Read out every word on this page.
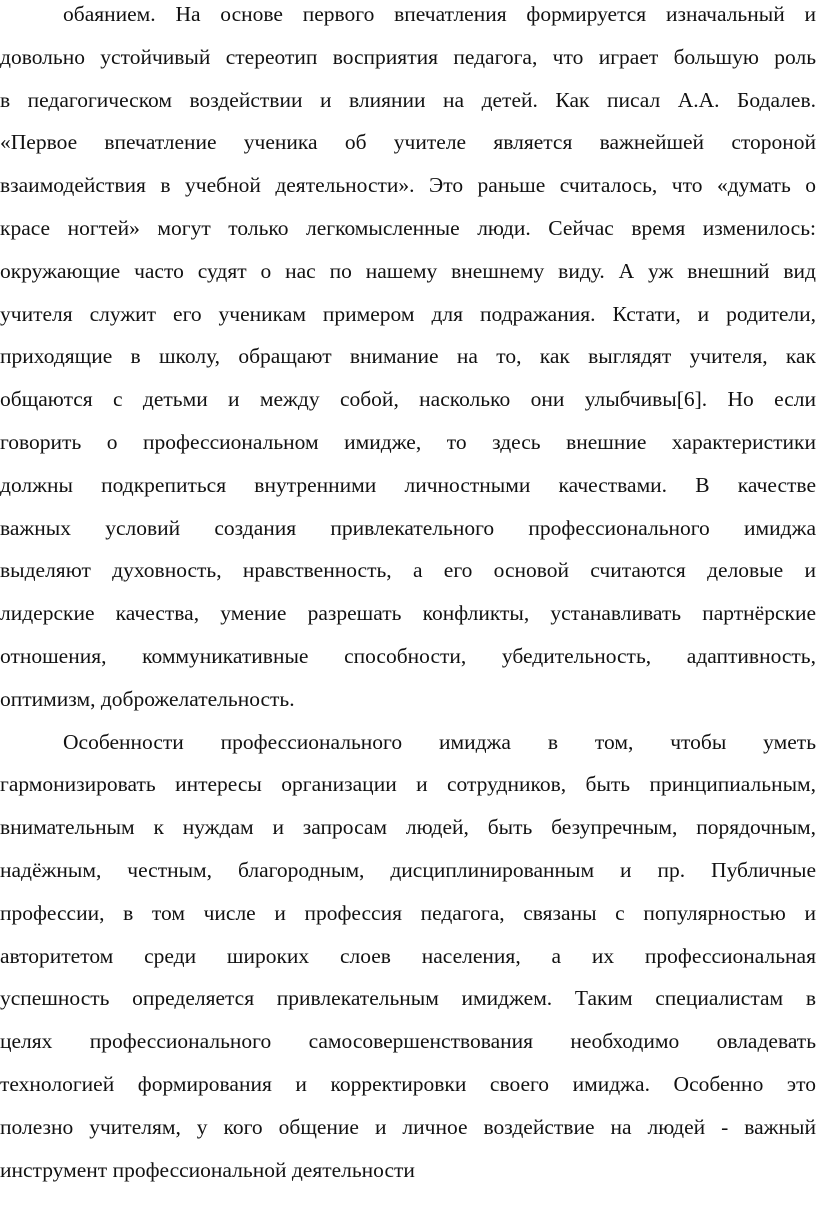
обаянием. На основе первого впечатления формируется изначальный и
довольно устойчивый стереотип восприятия педагога, что играет большую роль
в педагогическом воздействии и влиянии на детей. Как писал А.А. Бодалев.
«Первое впечатление ученика об учителе является важнейшей стороной
взаимодействия в учебной деятельности». Это раньше считалось, что «думать о
красе ногтей» могут только легкомысленные люди. Сейчас время изменилось:
окружающие часто судят о нас по нашему внешнему виду. А уж внешний вид
учителя служит его ученикам примером для подражания. Кстати, и родители,
приходящие в школу, обращают внимание на то, как выглядят учителя, как
общаются с детьми и между собой, насколько они улыбчивы[6]. Но если
говорить о профессиональном имидже, то здесь внешние характеристики
должны подкрепиться внутренними личностными качествами. В качестве
важных условий создания привлекательного профессионального имиджа
выделяют духовность, нравственность, а его основой считаются деловые и
лидерские качества, умение разрешать конфликты, устанавливать партнёрские
отношения, коммуникативные способности, убедительность, адаптивность,
оптимизм, доброжелательность.
Особенности профессионального имиджа в том, чтобы уметь
гармонизировать интересы организации и сотрудников, быть принципиальным,
внимательным к нуждам и запросам людей, быть безупречным, порядочным,
надёжным, честным, благородным, дисциплинированным и пр. Публичные
профессии, в том числе и профессия педагога, связаны с популярностью и
авторитетом среди широких слоев населения, а их профессиональная
успешность определяется привлекательным имиджем. Таким специалистам в
целях профессионального самосовершенствования необходимо овладевать
технологией формирования и корректировки своего имиджа. Особенно это
полезно учителям, у кого общение и личное воздействие на людей - важный
инструмент профессиональной деятельности
